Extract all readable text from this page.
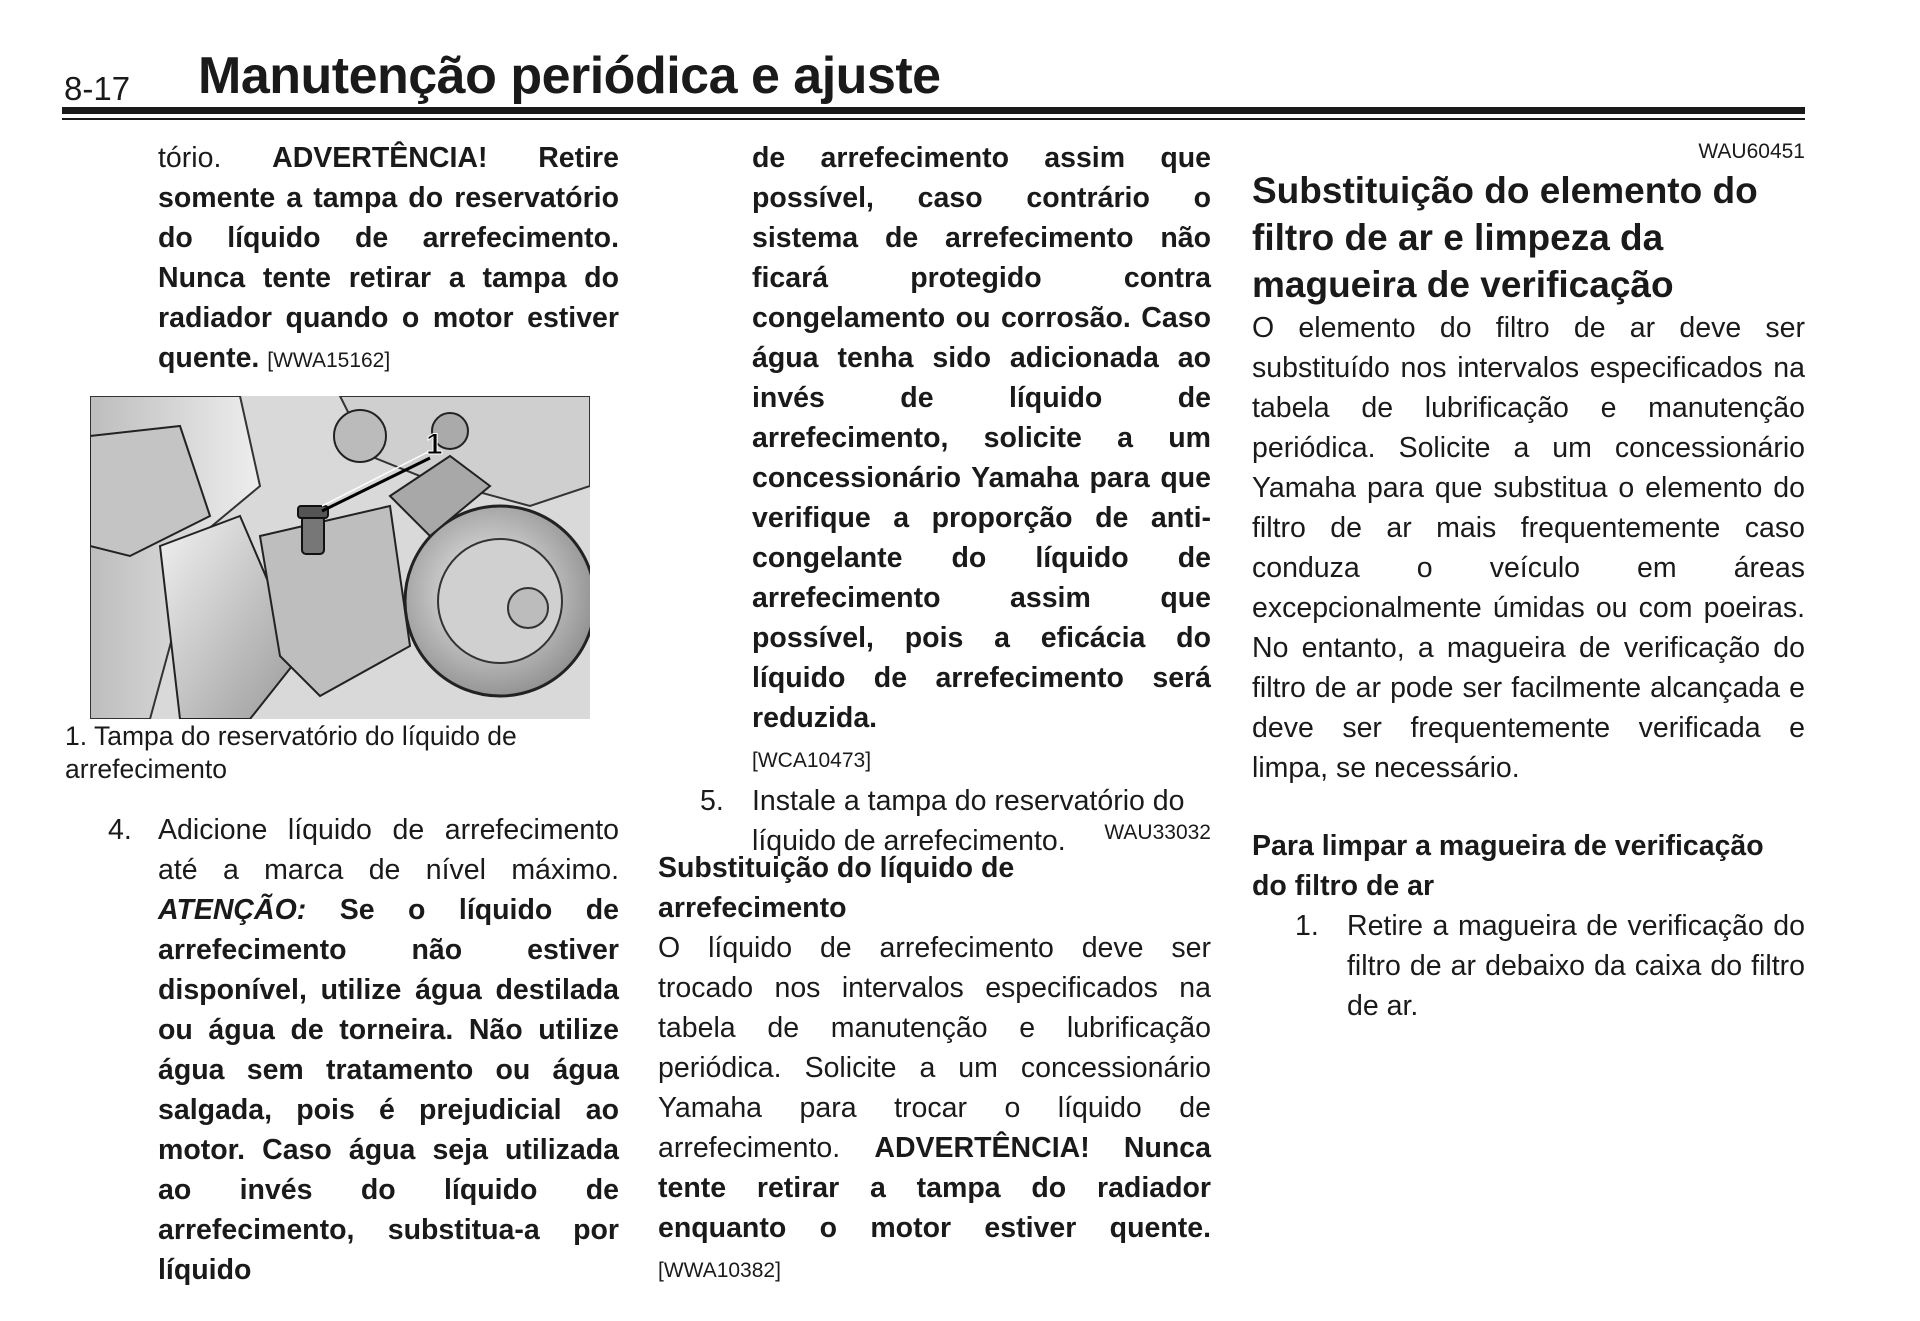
8-17 Manutenção periódica e ajuste

tório. ADVERTÊNCIA! Retire somente a tampa do reservatório do líquido de arrefecimento. Nunca tente retirar a tampa do radiador quando o motor estiver quente. [WWA15162]

1
1. Tampa do reservatório do líquido de arrefecimento
4. Adicione líquido de arrefecimento até a marca de nível máximo. ATENÇÃO: Se o líquido de arrefecimento não estiver disponível, utilize água destilada ou água de torneira. Não utilize água sem tratamento ou água salgada, pois é prejudicial ao motor. Caso água seja utilizada ao invés do líquido de arrefecimento, substitua-a por líquido

de arrefecimento assim que possível, caso contrário o sistema de arrefecimento não ficará protegido contra congelamento ou corrosão. Caso água tenha sido adicionada ao invés de líquido de arrefecimento, solicite a um concessionário Yamaha para que verifique a proporção de anti-congelante do líquido de arrefecimento assim que possível, pois a eficácia do líquido de arrefecimento será reduzida.

[WCA10473]

5. Instale a tampa do reservatório do líquido de arrefecimento.	WAU33032
Substituição do líquido de arrefecimento

O líquido de arrefecimento deve ser trocado nos intervalos especificados na tabela de manutenção e lubrificação periódica. Solicite a um concessionário Yamaha para trocar o líquido de arrefecimento. ADVERTÊNCIA! Nunca tente retirar a tampa do radiador enquanto o motor estiver quente. [WWA10382]

WAU60451
Substituição do elemento do filtro de ar e limpeza da magueira de verificação

O elemento do filtro de ar deve ser substituído nos intervalos especificados na tabela de lubrificação e manutenção periódica. Solicite a um concessionário Yamaha para que substitua o elemento do filtro de ar mais frequentemente caso conduza o veículo em áreas excepcionalmente úmidas ou com poeiras. No entanto, a magueira de verificação do filtro de ar pode ser facilmente alcançada e deve ser frequentemente verificada e limpa, se necessário.

Para limpar a magueira de verificação do filtro de ar
1. Retire a magueira de verificação do filtro de ar debaixo da caixa do filtro de ar.
